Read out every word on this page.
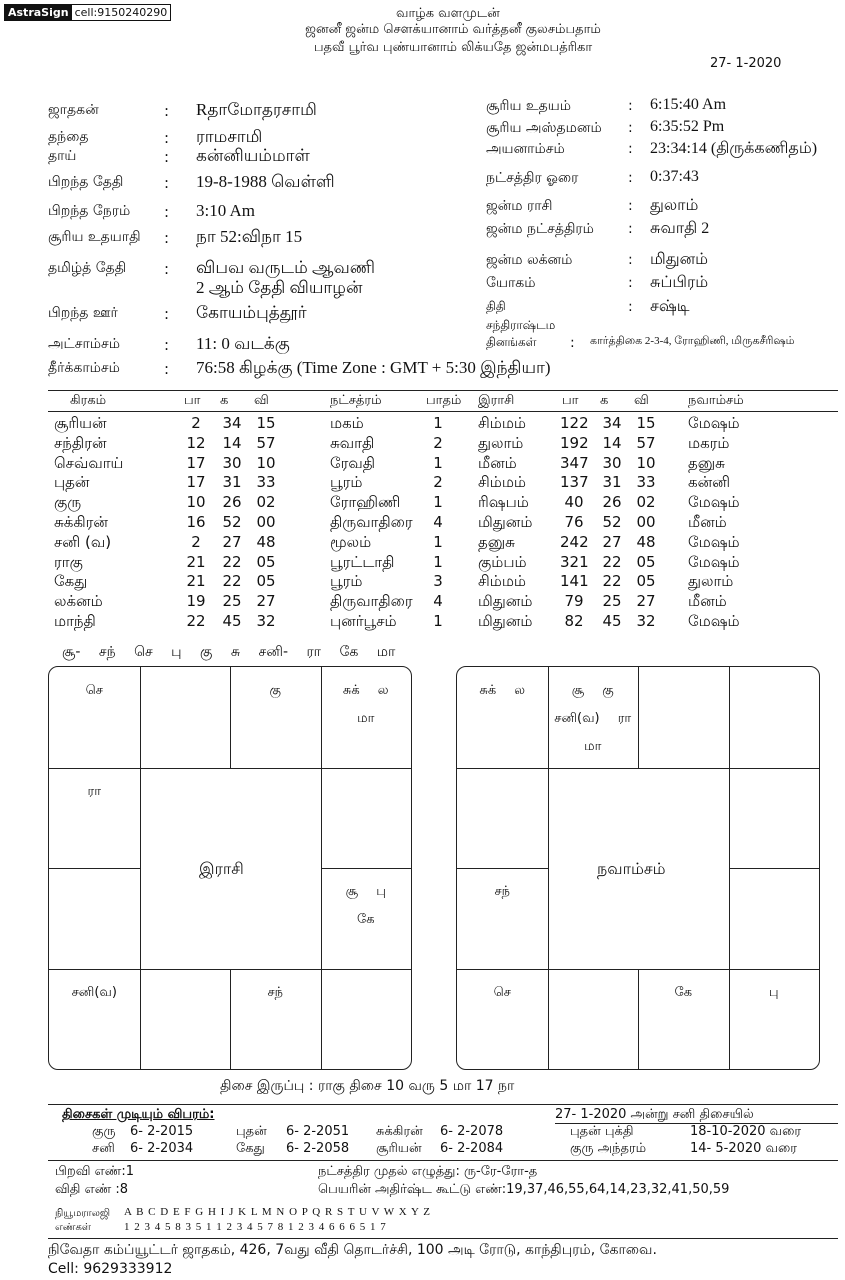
AstraSign cell:9150240290	வாழ்க வளமுடன்
ஜனனீ ஜன்ம சௌக்யானாம் வர்த்தனீ குலசம்பதாம்
பதவீ பூர்வ புண்யானாம் லிக்யதே ஜன்மபத்ரிகா
27- 1-2020
ஜாதகன்	: Rதாமோதரசாமி
தந்தை	: ராமசாமி
தாய்	: கன்னியம்மாள்
பிறந்த தேதி	: 19-8-1988 வெள்ளி
பிறந்த நேரம் : 3:10 Am
சூரிய உதயாதி : நா 52:விநா 15
தமிழ்த் தேதி	: விபவ வருடம் ஆவணி
2 ஆம் தேதி வியாழன்
பிறந்த ஊர்	: கோயம்புத்தூர்
அட்சாம்சம்	: 11: 0 வடக்கு
தீர்க்காம்சம்	: 76:58 கிழக்கு (Time Zone : GMT + 5:30 இந்தியா)
சூரிய உதயம்	: 6:15:40 Am
சூரிய அஸ்தமனம் : 6:35:52 Pm
அயனாம்சம்	: 23:34:14 (திருக்கணிதம்)
நட்சத்திர ஓரை	: 0:37:43
ஜன்ம ராசி	: துலாம்
ஜன்ம நட்சத்திரம் : சுவாதி 2
ஜன்ம லக்னம்	: மிதுனம்
யோகம்	: சுப்பிரம்
திதி	: சஷ்டி
சந்திராஷ்டம
தினங்கள் : கார்த்திகை 2-3-4, ரோஹிணி, மிருகசீரிஷம்
கிரகம்	பா க வி	நட்சத்ரம்	பாதம் இராசி	பா க வி	நவாம்சம்
சூரியன்	2	34 15	மகம்	1	சிம்மம் 122 34 15 மேஷம்
சந்திரன்	12 14 57	சுவாதி	2	துலாம் 192 14 57 மகரம்
செவ்வாய்	17 30 10	ரேவதி	1	மீனம்	347 30 10 தனுசு
புதன்	17 31 33	பூரம்	2	சிம்மம் 137 31 33 கன்னி
குரு	10 26 02	ரோஹிணி	1	ரிஷபம் 40 26 02 மேஷம்
சுக்கிரன்	16 52 00	திருவாதிரை	4	மிதுனம் 76 52 00 மீனம்
சனி (வ)	2	27 48	மூலம்	1	தனுசு	242 27 48 மேஷம்
ராகு	21 22 05	பூரட்டாதி	1	கும்பம் 321 22 05 மேஷம்
கேது	21 22 05	பூரம்	3	சிம்மம் 141 22 05 துலாம்
லக்னம்	19 25 27	திருவாதிரை	4	மிதுனம் 79 25 27 மீனம்
மாந்தி	22 45 32	புனர்பூசம்	1	மிதுனம் 82 45 32 மேஷம்
சூ- சந் செ பு கு சு சனி- ரா கே மா
இராசி
செ	கு	சுக் ல
மா
ரா
சூ பு
கே
சனி(வ)	சந்
நவாம்சம்
சுக் ல	சூ கு
சனி(வ) ரா
மா
சந்
செ	கே	பு
திசை இருப்பு : ராகு திசை 10 வரு 5 மா 17 நா
திசைகள் முடியும் விபரம்:	27- 1-2020 அன்று சனி திசையில்
குரு 6- 2-2015	புதன் 6- 2-2051 சுக்கிரன் 6- 2-2078
சனி 6- 2-2034	கேது 6- 2-2058 சூரியன் 6- 2-2084
புதன் புக்தி	18-10-2020 வரை
குரு அந்தரம்	14- 5-2020 வரை
பிறவி எண்:1
விதி எண் :8
நட்சத்திர முதல் எழுத்து: ரு-ரே-ரோ-த
பெயரின் அதிர்ஷ்ட கூட்டு எண்:19,37,46,55,64,14,23,32,41,50,59
நியூமராலஜி
எண்கள்
A B C D E F G H I J K L M N O P Q R S T U V W X Y Z
1 2 3 4 5 8 3 5 1 1 2 3 4 5 7 8 1 2 3 4 6 6 6 5 1 7
நிவேதா கம்ப்யூட்டர் ஜாதகம், 426, 7வது வீதி தொடர்ச்சி, 100 அடி ரோடு, காந்திபுரம், கோவை.
Cell: 9629333912
